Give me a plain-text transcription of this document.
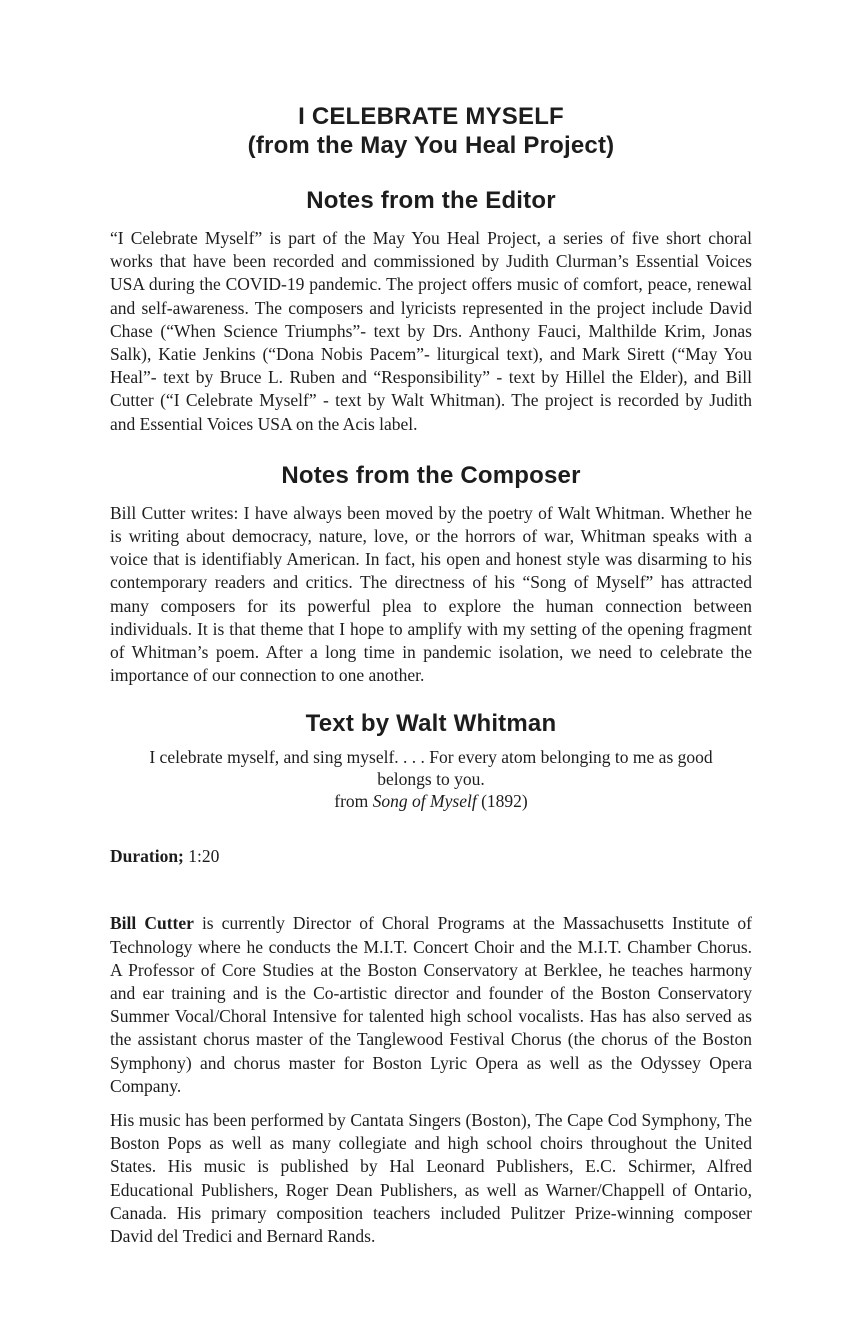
I CELEBRATE MYSELF
(from the May You Heal Project)
Notes from the Editor

“I Celebrate Myself” is part of the May You Heal Project, a series of five short choral works that have been recorded and commissioned by Judith Clurman’s Essential Voices USA during the COVID-19 pandemic. The project offers music of comfort, peace, renewal and self-awareness. The composers and lyricists represented in the project include David Chase (“When Science Triumphs”- text by Drs. Anthony Fauci, Malthilde Krim, Jonas Salk), Katie Jenkins (“Dona Nobis Pacem”- liturgical text), and Mark Sirett (“May You Heal”- text by Bruce L. Ruben and “Responsibility” - text by Hillel the Elder), and Bill Cutter (“I Celebrate Myself” - text by Walt Whitman). The project is recorded by Judith and Essential Voices USA on the Acis label.

Notes from the Composer

Bill Cutter writes: I have always been moved by the poetry of Walt Whitman. Whether he is writing about democracy, nature, love, or the horrors of war, Whitman speaks with a voice that is identifiably American. In fact, his open and honest style was disarming to his contemporary readers and critics. The directness of his “Song of Myself” has attracted many composers for its powerful plea to explore the human connection between individuals. It is that theme that I hope to amplify with my setting of the opening fragment of Whitman’s poem. After a long time in pandemic isolation, we need to celebrate the importance of our connection to one another.

Text by Walt Whitman
I celebrate myself, and sing myself. . . . For every atom belonging to me as good
belongs to you.
from Song of Myself (1892)

Duration; 1:20

Bill Cutter is currently Director of Choral Programs at the Massachusetts Institute of Technology where he conducts the M.I.T. Concert Choir and the M.I.T. Chamber Chorus. A Professor of Core Studies at the Boston Conservatory at Berklee, he teaches harmony and ear training and is the Co-artistic director and founder of the Boston Conservatory Summer Vocal/Choral Intensive for talented high school vocalists. Has has also served as the assistant chorus master of the Tanglewood Festival Chorus (the chorus of the Boston Symphony) and chorus master for Boston Lyric Opera as well as the Odyssey Opera Company.

His music has been performed by Cantata Singers (Boston), The Cape Cod Symphony, The Boston Pops as well as many collegiate and high school choirs throughout the United States. His music is published by Hal Leonard Publishers, E.C. Schirmer, Alfred Educational Publishers, Roger Dean Publishers, as well as Warner/Chappell of Ontario, Canada. His primary composition teachers included Pulitzer Prize-winning composer David del Tredici and Bernard Rands.
